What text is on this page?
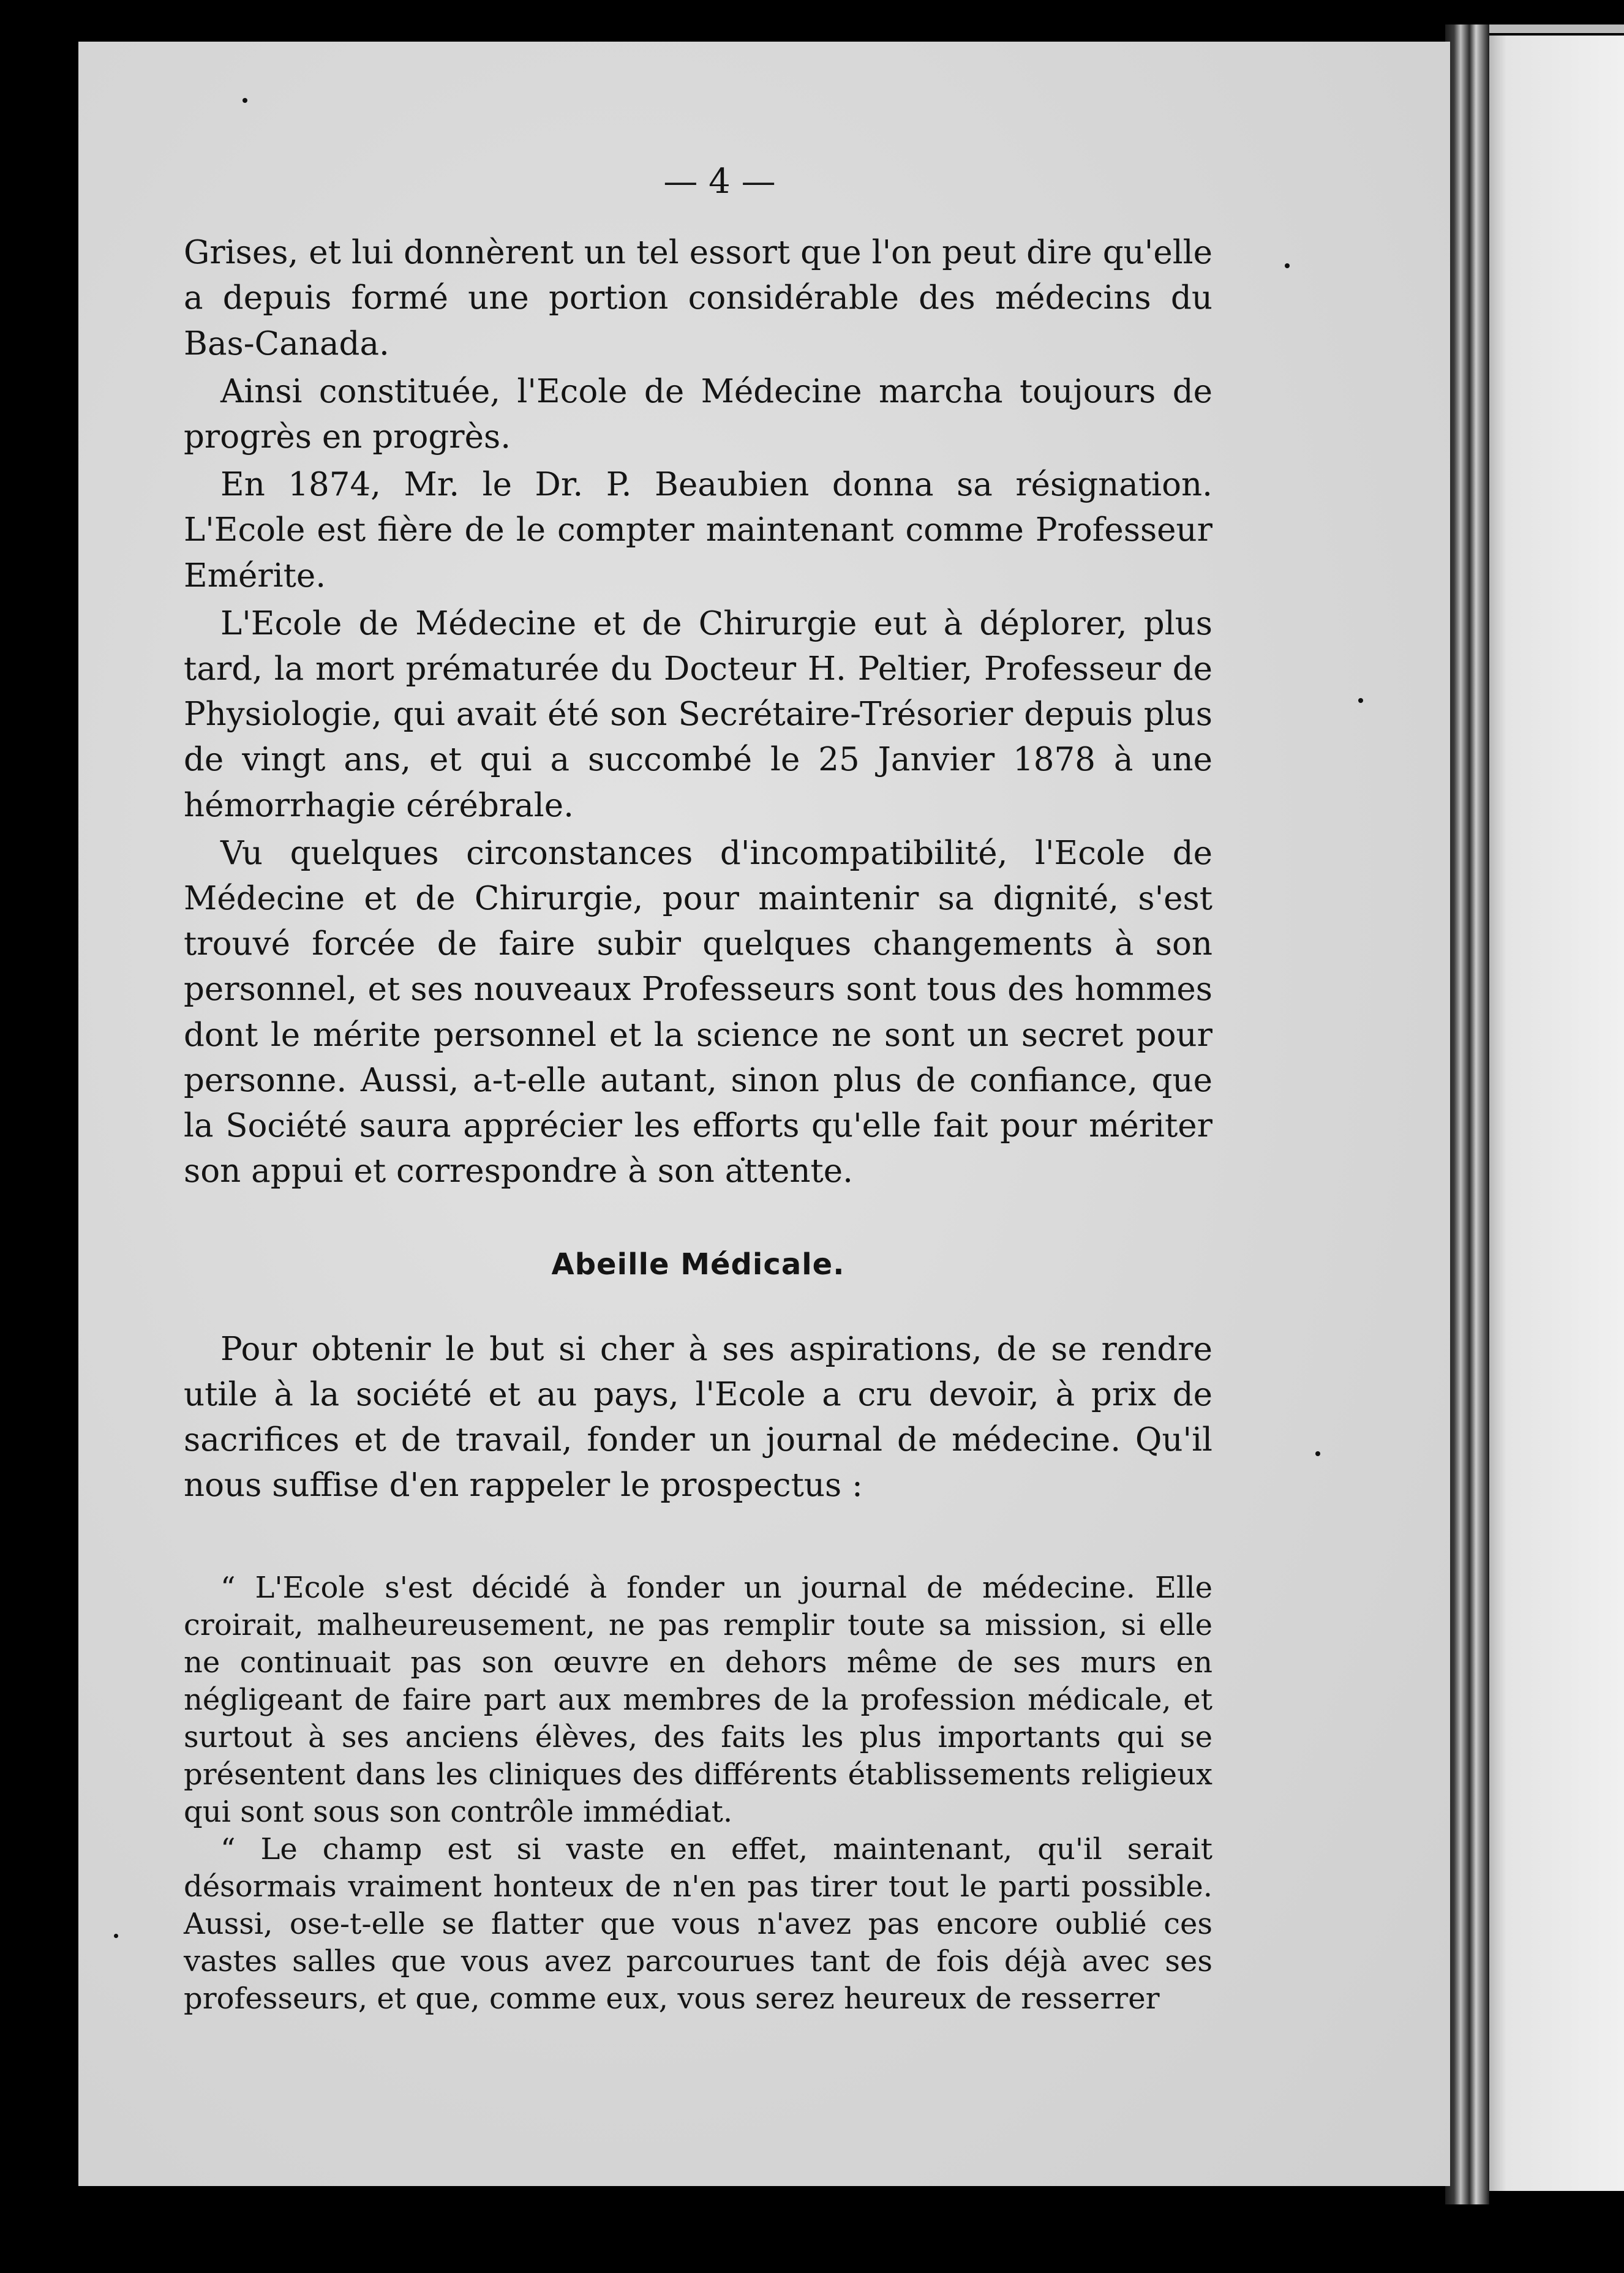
— 4 —

Grises, et lui donnèrent un tel essort que l'on peut dire qu'elle a depuis formé une portion considérable des médecins du Bas-Canada.

Ainsi constituée, l'Ecole de Médecine marcha toujours de progrès en progrès.

En 1874, Mr. le Dr. P. Beaubien donna sa résignation. L'Ecole est fière de le compter maintenant comme Professeur Emérite.

L'Ecole de Médecine et de Chirurgie eut à déplorer, plus tard, la mort prématurée du Docteur H. Peltier, Professeur de Physiologie, qui avait été son Secrétaire-Trésorier depuis plus de vingt ans, et qui a succombé le 25 Janvier 1878 à une hémorrhagie cérébrale.

Vu quelques circonstances d'incompatibilité, l'Ecole de Médecine et de Chirurgie, pour maintenir sa dignité, s'est trouvé forcée de faire subir quelques changements à son personnel, et ses nouveaux Professeurs sont tous des hommes dont le mérite personnel et la science ne sont un secret pour personne. Aussi, a-t-elle autant, sinon plus de confiance, que la Société saura apprécier les efforts qu'elle fait pour mériter son appui et correspondre à son attente.

Abeille Médicale.

Pour obtenir le but si cher à ses aspirations, de se rendre utile à la société et au pays, l'Ecole a cru devoir, à prix de sacrifices et de travail, fonder un journal de médecine. Qu'il nous suffise d'en rappeler le prospectus :

“ L'Ecole s'est décidé à fonder un journal de médecine. Elle croirait, malheureusement, ne pas remplir toute sa mission, si elle ne continuait pas son œuvre en dehors même de ses murs en négligeant de faire part aux membres de la profession médicale, et surtout à ses anciens élèves, des faits les plus importants qui se présentent dans les cliniques des différents établissements religieux qui sont sous son contrôle immédiat.

“ Le champ est si vaste en effet, maintenant, qu'il serait désormais vraiment honteux de n'en pas tirer tout le parti possible. Aussi, ose-t-elle se flatter que vous n'avez pas encore oublié ces vastes salles que vous avez parcourues tant de fois déjà avec ses professeurs, et que, comme eux, vous serez heureux de resserrer
